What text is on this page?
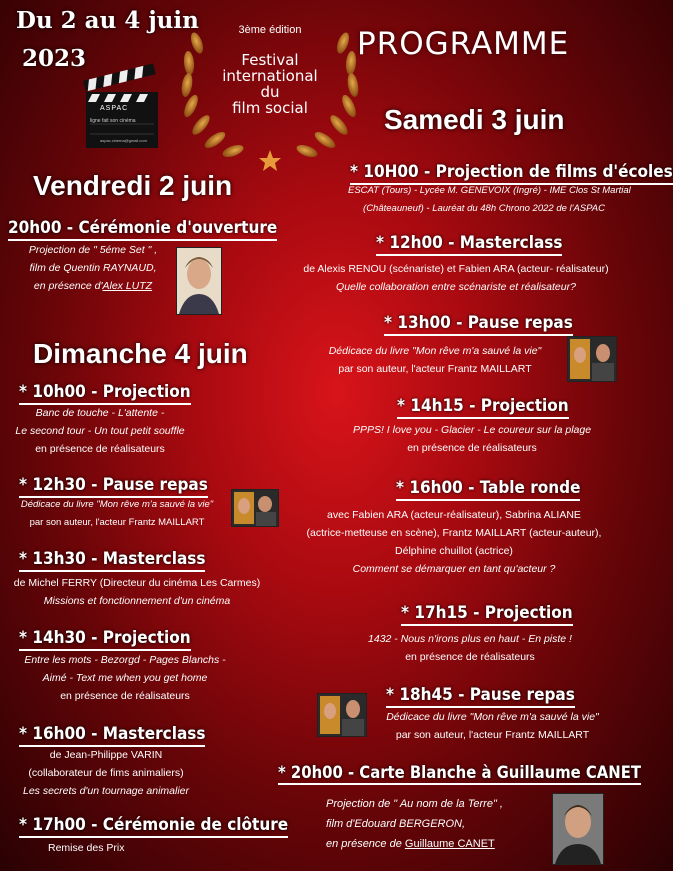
Du 2 au 4 juin
2023
ASPAC
ligne fait son cinéma
aspac.cinema@gmail.com
3ème édition
Festival
international
du
film social
PROGRAMME
Samedi 3 juin
Vendredi 2 juin
20h00 - Cérémonie d'ouverture
Projection de " 5éme Set " ,
film de Quentin RAYNAUD,
en présence d'Alex LUTZ
Dimanche 4 juin
* 10h00 - Projection
Banc de touche - L'attente -
Le second tour - Un tout petit souffle
en présence de réalisateurs
* 12h30 - Pause repas
Dédicace du livre "Mon rêve m'a sauvé la vie"
par son auteur, l'acteur Frantz MAILLART
* 13h30 - Masterclass
de Michel FERRY (Directeur du cinéma Les Carmes)
Missions et fonctionnement d'un cinéma
* 14h30 - Projection
Entre les mots - Bezorgd - Pages Blanchs -
Aimé - Text me when you get home
en présence de réalisateurs
* 16h00 - Masterclass
de Jean-Philippe VARIN
(collaborateur de fims animaliers)
Les secrets d'un tournage animalier
* 17h00 - Cérémonie de clôture
Remise des Prix
* 10H00 - Projection de films d'écoles
ESCAT (Tours) - Lycée M. GENEVOIX (Ingré) - IME Clos St Martial
(Châteauneuf) - Lauréat du 48h Chrono 2022 de l'ASPAC
* 12h00 - Masterclass
de Alexis RENOU (scénariste) et Fabien ARA (acteur- réalisateur)
Quelle collaboration entre scénariste et réalisateur?
* 13h00 - Pause repas
Dédicace du livre "Mon rêve m'a sauvé la vie"
par son auteur, l'acteur Frantz MAILLART
* 14h15 - Projection
PPPS! I love you - Glacier - Le coureur sur la plage
en présence de réalisateurs
* 16h00 - Table ronde
avec Fabien ARA (acteur-réalisateur), Sabrina ALIANE
(actrice-metteuse en scène), Frantz MAILLART (acteur-auteur),
Délphine chuillot (actrice)
Comment se démarquer en tant qu'acteur ?
* 17h15 - Projection
1432 - Nous n'irons plus en haut - En piste !
en présence de réalisateurs
* 18h45 - Pause repas
Dédicace du livre "Mon rêve m'a sauvé la vie"
par son auteur, l'acteur Frantz MAILLART
* 20h00 - Carte Blanche à Guillaume CANET
Projection de " Au nom de la Terre" ,
film d'Edouard BERGERON,
en présence de Guillaume CANET
